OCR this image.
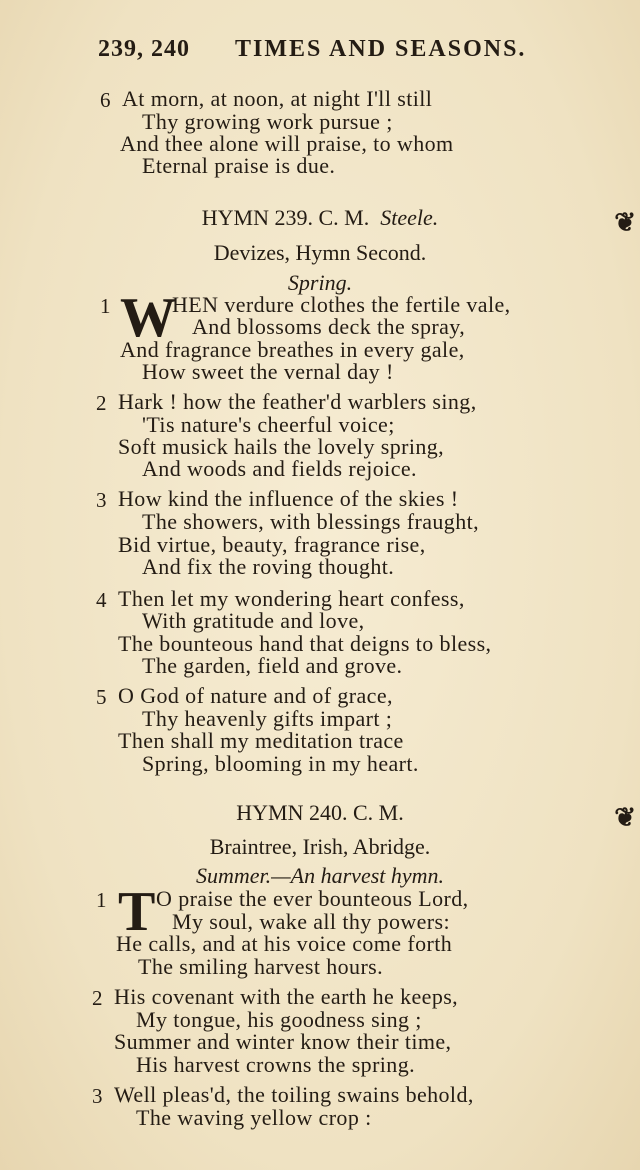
239, 240 TIMES AND SEASONS.
6 At morn, at noon, at night I'll still
Thy growing work pursue ;
And thee alone will praise, to whom
Eternal praise is due.
HYMN 239. C. M. Steele.	❦
Devizes, Hymn Second.
Spring.
1 W
HEN verdure clothes the fertile vale,
And blossoms deck the spray,
And fragrance breathes in every gale,
How sweet the vernal day !
2 Hark ! how the feather'd warblers sing,
'Tis nature's cheerful voice;
Soft musick hails the lovely spring,
And woods and fields rejoice.
3 How kind the influence of the skies !
The showers, with blessings fraught,
Bid virtue, beauty, fragrance rise,
And fix the roving thought.
4 Then let my wondering heart confess,
With gratitude and love,
The bounteous hand that deigns to bless,
The garden, field and grove.
5 O God of nature and of grace,
Thy heavenly gifts impart ;
Then shall my meditation trace
Spring, blooming in my heart.
HYMN 240. C. M.	❦
Braintree, Irish, Abridge.
Summer.—An harvest hymn.
1 T O praise the ever bounteous Lord,
My soul, wake all thy powers:
He calls, and at his voice come forth
The smiling harvest hours.
2 His covenant with the earth he keeps,
My tongue, his goodness sing ;
Summer and winter know their time,
His harvest crowns the spring.
3 Well pleas'd, the toiling swains behold,
The waving yellow crop :
